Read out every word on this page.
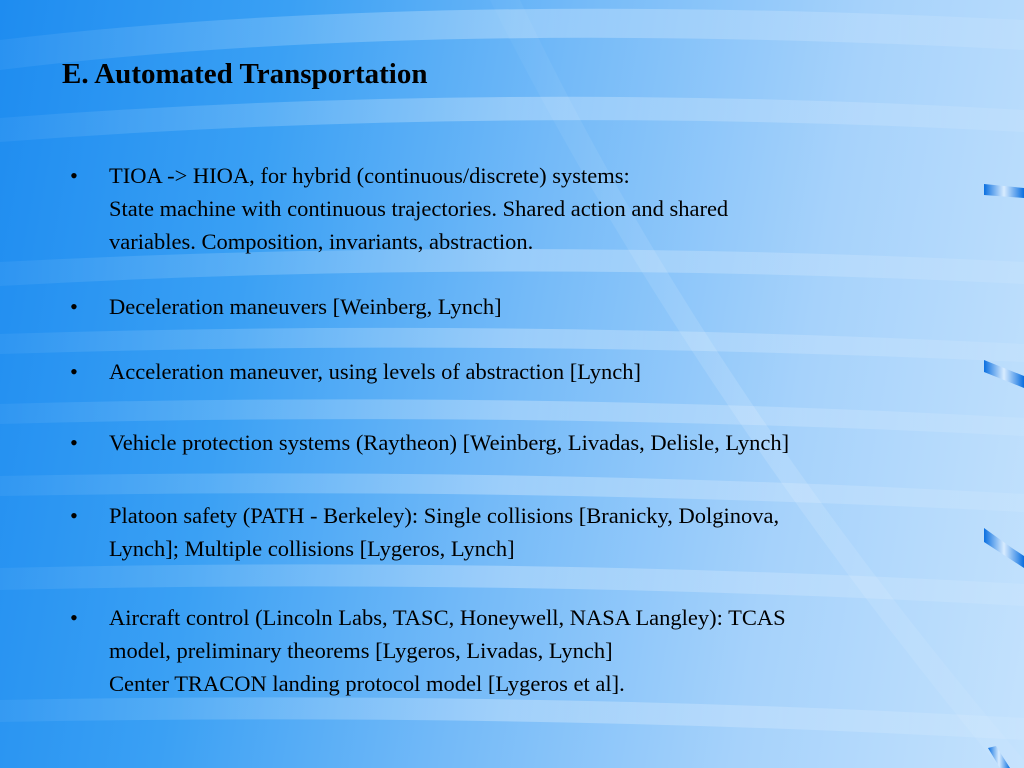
E. Automated Transportation
• TIOA -> HIOA, for hybrid (continuous/discrete) systems:
State machine with continuous trajectories. Shared action and shared
variables. Composition, invariants, abstraction.
• Deceleration maneuvers [Weinberg, Lynch]
• Acceleration maneuver, using levels of abstraction [Lynch]
• Vehicle protection systems (Raytheon) [Weinberg, Livadas, Delisle, Lynch]
• Platoon safety (PATH - Berkeley): Single collisions [Branicky, Dolginova,
Lynch]; Multiple collisions [Lygeros, Lynch]
• Aircraft control (Lincoln Labs, TASC, Honeywell, NASA Langley): TCAS
model, preliminary theorems [Lygeros, Livadas, Lynch]
Center TRACON landing protocol model [Lygeros et al].
